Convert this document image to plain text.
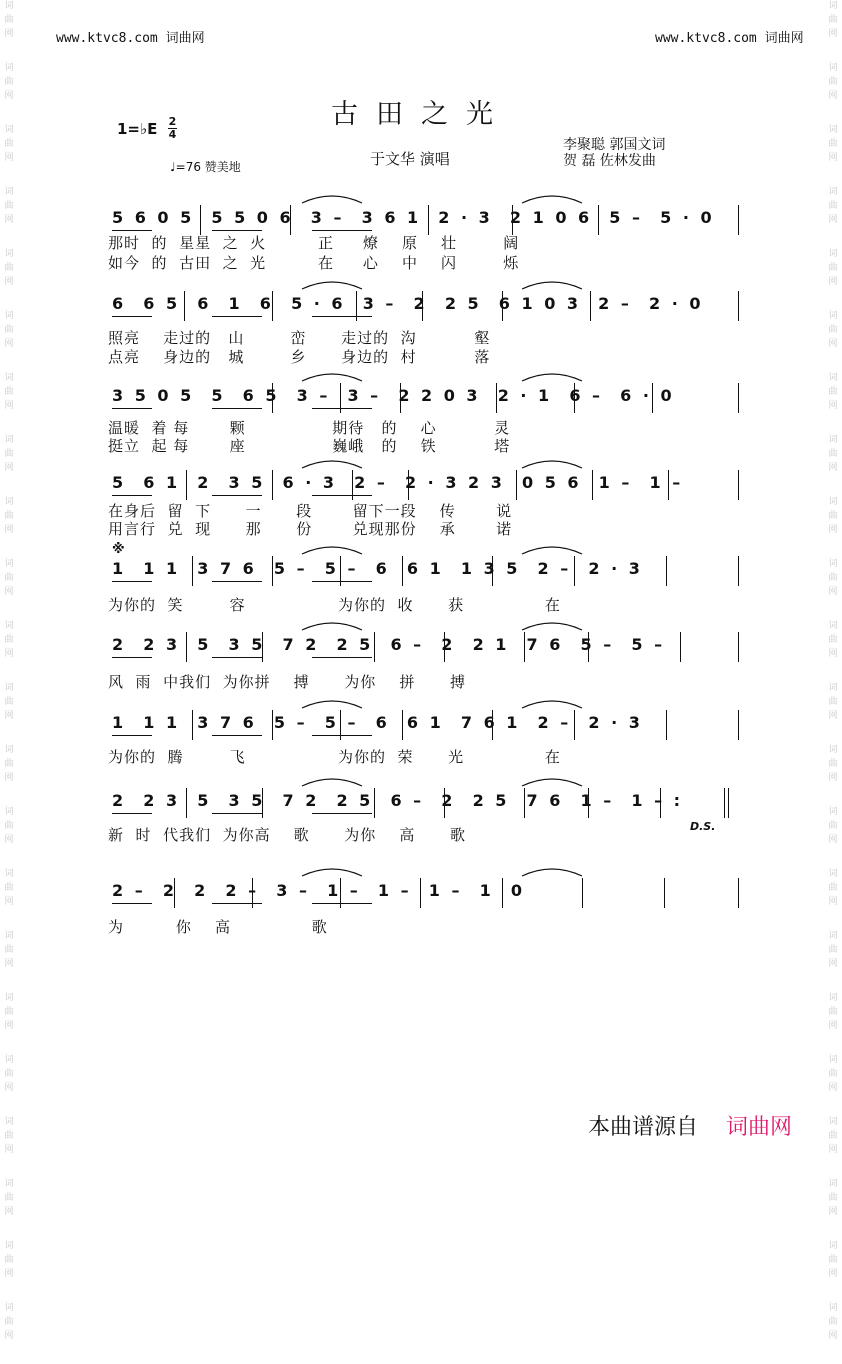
www.ktvc8.com 词曲网	www.ktvc8.com 词曲网
词
曲
网
词
曲
网
词
曲
网
词
曲
网
词
曲
网
词
曲
网
词
曲
网
词
曲
网
词
曲
网
词
曲
网
词
曲
网
词
曲
网
词
曲
网
词
曲
网
词
曲
网
词
曲
网
词
曲
网
词
曲
网
词
曲
网
词
曲
网
词
曲
网
词
曲
网
词
曲
网
词
曲
网
词
曲
网
词
曲
网
词
曲
网
词
曲
网
词
曲
网
词
曲
网
词
曲
网
词
曲
网
词
曲
网
词
曲
网
词
曲
网
词
曲
网
词
曲
网
词
曲
网
词
曲
网
词
曲
网
词
曲
网
词
曲
网
词
曲
网
词
曲
网
古田之光
1=♭E 2
4
♩=76 赞美地	于文华 演唱
李聚聪 郭国文词
贺 磊 佐林发曲
5 6 0 5  5 5 0 6  3 –  3 6 1  2 · 3  2 1 0 6  5 –  5 · 0
那时  的  星星  之  火         正     燎    原    壮        阔
如今  的  古田  之  光         在     心    中    闪        烁
6  6 5  6  1  6  5 · 6  3 –  2  2 5  6 1 0 3  2 –  2 · 0
照亮    走过的   山        峦      走过的  沟          壑
点亮    身边的   城        乡      身边的  村          落
3 5 0 5  5  6 5  3 –  3 –  2 2 0 3  2 · 1  6 –  6 · 0
温暖  着 每       颗               期待   的    心          灵
挺立  起 每       座               巍峨   的    铁          塔
5  6 1  2  3 5  6 · 3  2 –  2 · 3 2 3  0 5 6  1 –  1 –
在身后  留  下      一      段       留下一段    传       说
用言行  兑  现      那      份       兑现那份    承       诺
1  1 1  3 7 6  5 –  5 –  6  6 1  1 3 5  2 –  2 · 3
为你的  笑        容                为你的  收      获              在
2  2 3  5  3 5  7 2  2 5  6 –  2  2 1  7 6  5 –  5 –
风  雨  中我们  为你拼    搏      为你    拼      搏
1  1 1  3 7 6  5 –  5 –  6  6 1  7 6 1  2 –  2 · 3
为你的  腾        飞                为你的  荣      光              在
2  2 3  5  3 5  7 2  2 5  6 –  2  2 5  7 6  1 –  1 – :
新  时  代我们  为你高    歌      为你    高      歌
2 –  2  2  2 –  3 –  1 –  1 –  1 –  1  0
为         你    高              歌
※
D.S.
本曲谱源自 词曲网
